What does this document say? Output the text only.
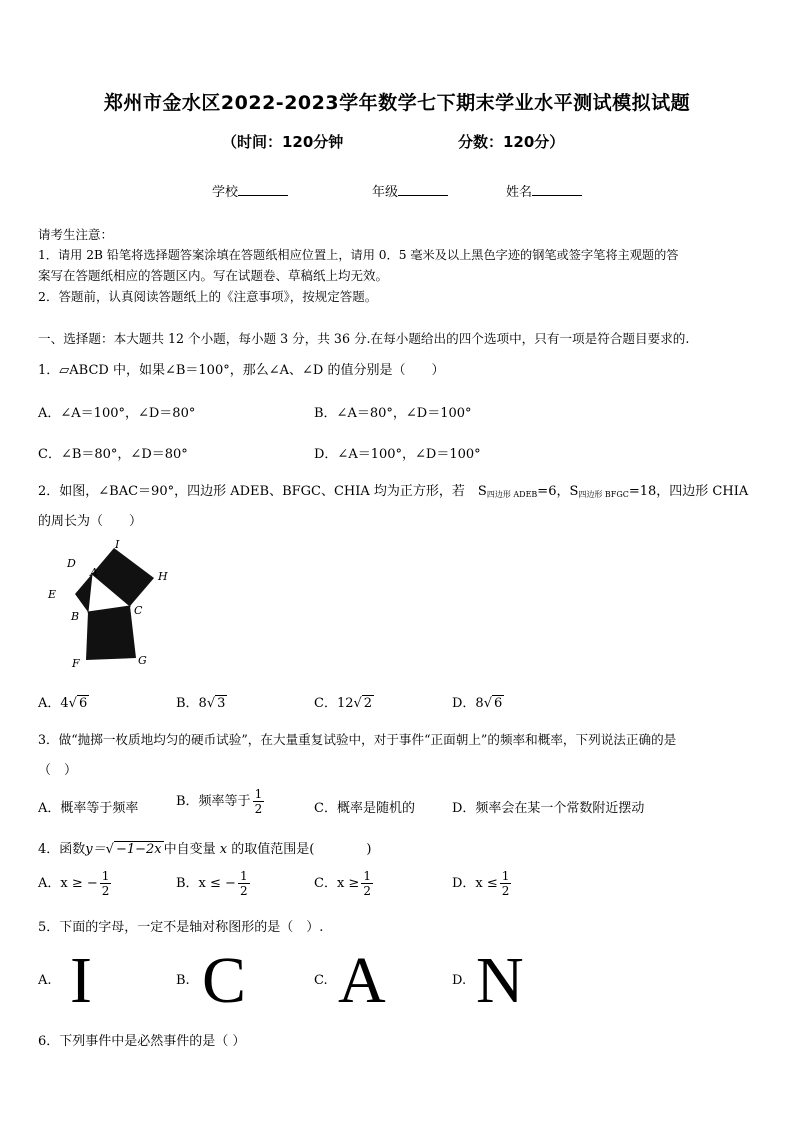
郑州市金水区2022-2023学年数学七下期末学业水平测试模拟试题
（时间：120分钟	分数：120分）
学校	年级	姓名
请考生注意：
1．请用 2B 铅笔将选择题答案涂填在答题纸相应位置上，请用 0．5 毫米及以上黑色字迹的钢笔或签字笔将主观题的答
案写在答题纸相应的答题区内。写在试题卷、草稿纸上均无效。
2．答题前，认真阅读答题纸上的《注意事项》，按规定答题。
一、选择题：本大题共 12 个小题，每小题 3 分，共 36 分.在每小题给出的四个选项中，只有一项是符合题目要求的.
1．▱ABCD 中，如果∠B＝100°，那么∠A、∠D 的值分别是（　　）
A．∠A＝100°，∠D＝80°	B．∠A＝80°，∠D＝100°
C．∠B＝80°，∠D＝80°	D．∠A＝100°，∠D＝100°
2．如图，∠BAC＝90°，四边形 ADEB、BFGC、CHIA 均为正方形，若　$S_{四边形 ADEB}=6$，$S_{四边形 BFGC}=18$，四边形 CHIA
的周长为（　　）
I
D
A	H
E
B	C
F	G
A．4√ 6	B．8√ 3	C．12√ 2	D．8√ 6
3．做“抛掷一枚质地均匀的硬币试验”，在大量重复试验中，对于事件“正面朝上”的频率和概率，下列说法正确的是
（　）
A．概率等于频率	B．频率等于 $\frac{1}{2}$	C．概率是随机的	D．频率会在某一个常数附近摆动
4．函数y＝√ −1−2x 中自变量 x 的取值范围是(　　　　)
A．x ≥ − $\frac{1}{2}$	B．x ≤ − $\frac{1}{2}$	C．$x \ge \frac{1}{2}$	D．$x \le \frac{1}{2}$
5．下面的字母，一定不是轴对称图形的是（　）.
A. I	B. C	C. A	D. N
6．下列事件中是必然事件的是（ ）
